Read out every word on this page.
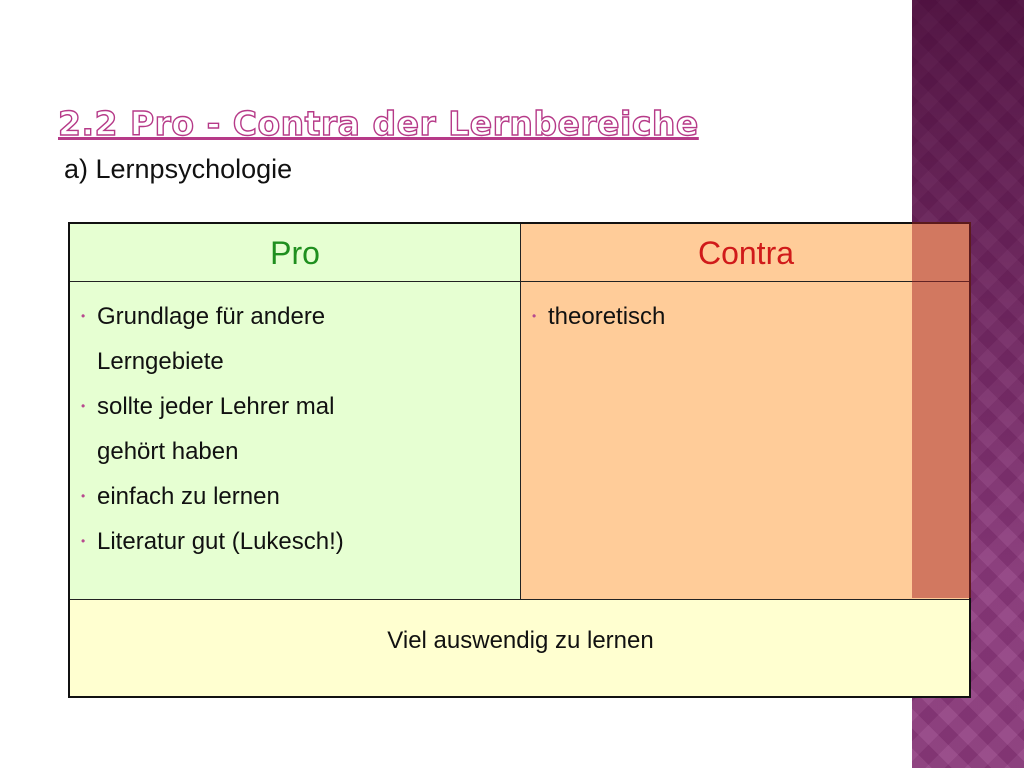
2.2 Pro - Contra der Lernbereiche
a) Lernpsychologie
Pro	Contra
• Grundlage für andere Lerngebiete
• sollte jeder Lehrer mal gehört haben
• einfach zu lernen
• Literatur gut (Lukesch!)
• theoretisch
Viel auswendig zu lernen
